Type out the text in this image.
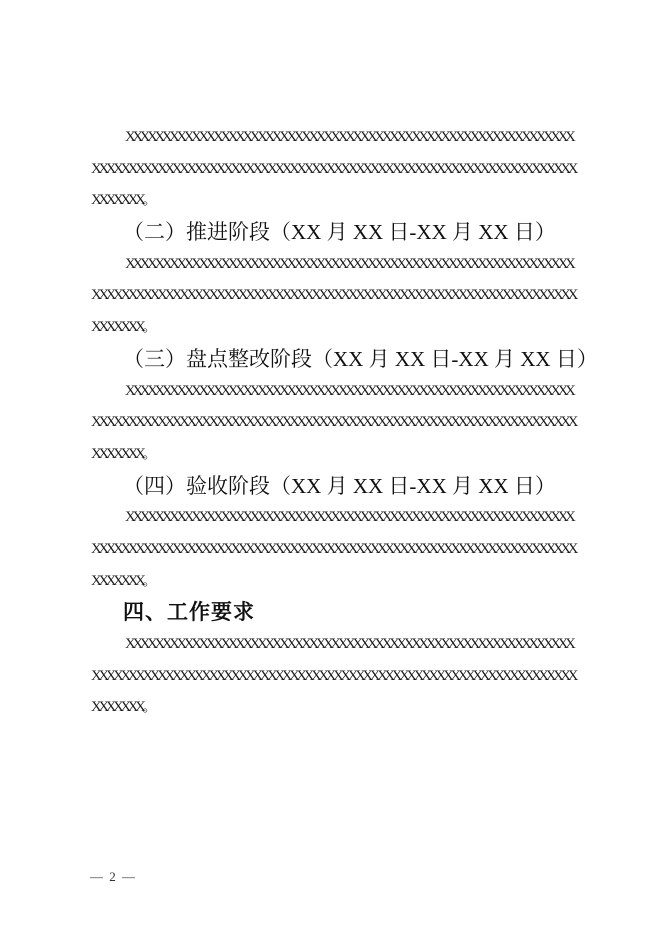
XXXXXXXXXXXXXXXXXXXXXXXXXXXXXXXXXXXXXXXXXXXXXXXXXXXXXXXXXXXXX
XXXXXXXXXXXXXXXXXXXXXXXXXXXXXXXXXXXXXXXXXXXXXXXXXXXXXXXXXXXXXXXXXX
XXXXXXX。
（二）推进阶段（XX 月 XX 日-XX 月 XX 日）
XXXXXXXXXXXXXXXXXXXXXXXXXXXXXXXXXXXXXXXXXXXXXXXXXXXXXXXXXXXXX
XXXXXXXXXXXXXXXXXXXXXXXXXXXXXXXXXXXXXXXXXXXXXXXXXXXXXXXXXXXXXXXXXX
XXXXXXX。
（三）盘点整改阶段（XX 月 XX 日-XX 月 XX 日）
XXXXXXXXXXXXXXXXXXXXXXXXXXXXXXXXXXXXXXXXXXXXXXXXXXXXXXXXXXXXX
XXXXXXXXXXXXXXXXXXXXXXXXXXXXXXXXXXXXXXXXXXXXXXXXXXXXXXXXXXXXXXXXXX
XXXXXXX。
（四）验收阶段（XX 月 XX 日-XX 月 XX 日）
XXXXXXXXXXXXXXXXXXXXXXXXXXXXXXXXXXXXXXXXXXXXXXXXXXXXXXXXXXXXX
XXXXXXXXXXXXXXXXXXXXXXXXXXXXXXXXXXXXXXXXXXXXXXXXXXXXXXXXXXXXXXXXXX
XXXXXXX。
四、工作要求
XXXXXXXXXXXXXXXXXXXXXXXXXXXXXXXXXXXXXXXXXXXXXXXXXXXXXXXXXXXXX
XXXXXXXXXXXXXXXXXXXXXXXXXXXXXXXXXXXXXXXXXXXXXXXXXXXXXXXXXXXXXXXXXX
XXXXXXX。
— 2 —
